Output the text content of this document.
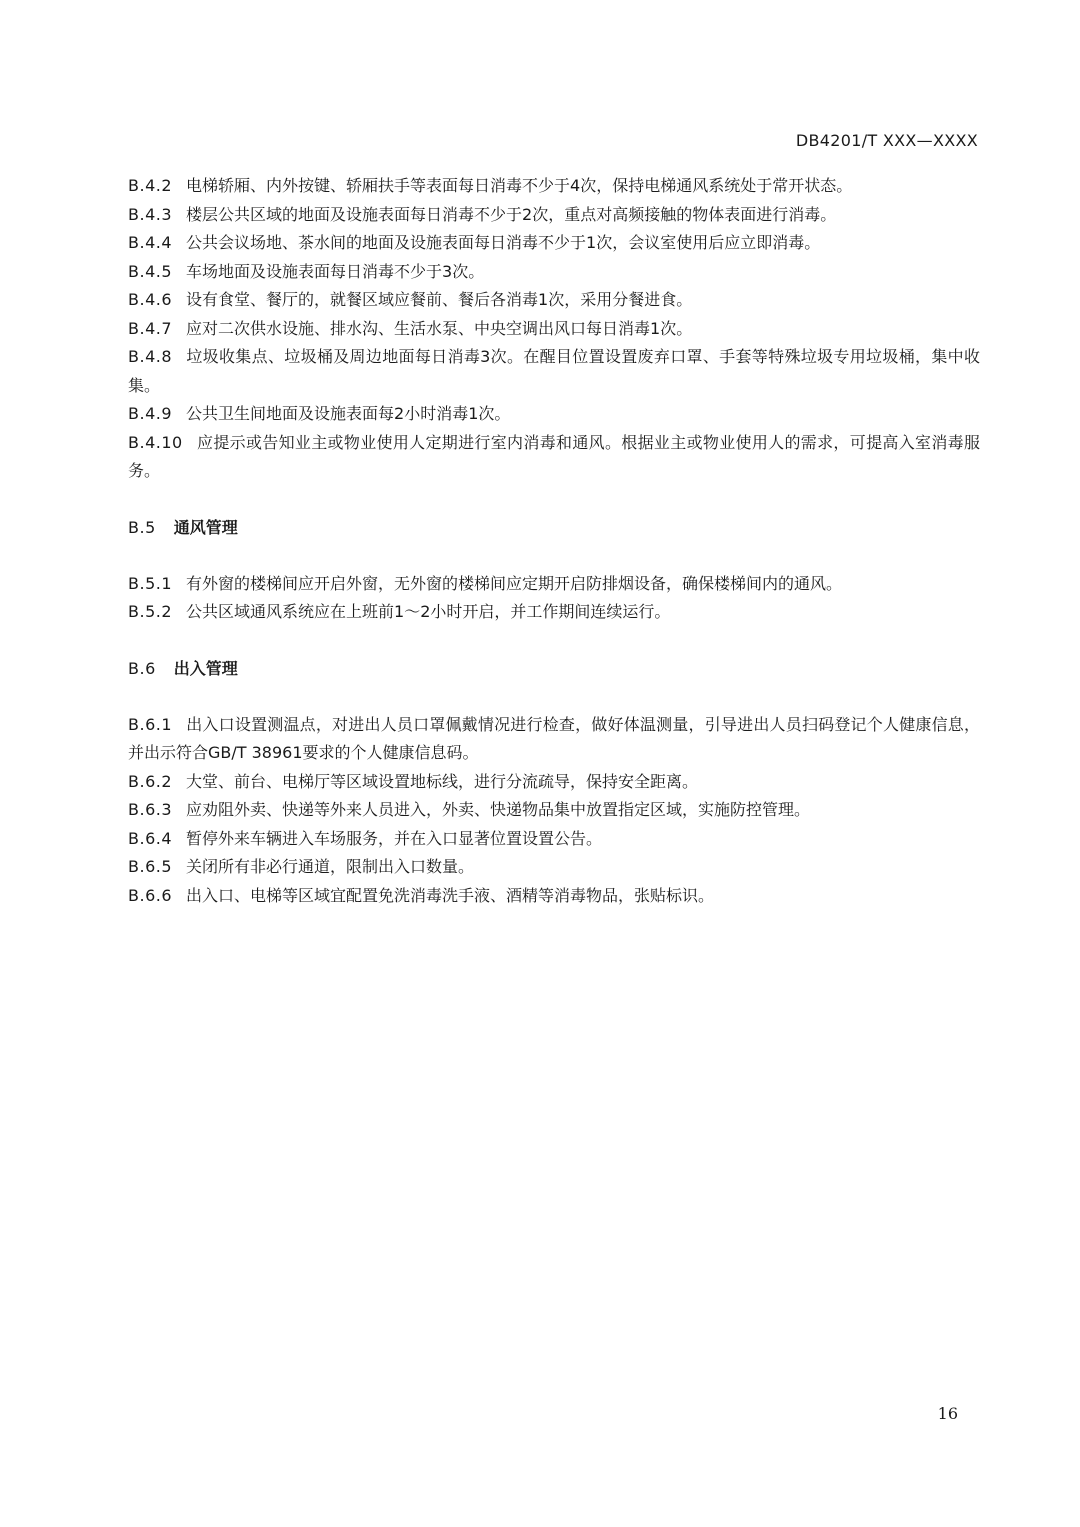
DB4201/T XXX—XXXX
B.4.2 电梯轿厢、内外按键、轿厢扶手等表面每日消毒不少于4次，保持电梯通风系统处于常开状态。
B.4.3 楼层公共区域的地面及设施表面每日消毒不少于2次，重点对高频接触的物体表面进行消毒。
B.4.4 公共会议场地、茶水间的地面及设施表面每日消毒不少于1次，会议室使用后应立即消毒。
B.4.5 车场地面及设施表面每日消毒不少于3次。
B.4.6 设有食堂、餐厅的，就餐区域应餐前、餐后各消毒1次，采用分餐进食。
B.4.7 应对二次供水设施、排水沟、生活水泵、中央空调出风口每日消毒1次。
B.4.8 垃圾收集点、垃圾桶及周边地面每日消毒3次。在醒目位置设置废弃口罩、手套等特殊垃圾专用垃圾桶，集中收集。
B.4.9 公共卫生间地面及设施表面每2小时消毒1次。
B.4.10 应提示或告知业主或物业使用人定期进行室内消毒和通风。根据业主或物业使用人的需求，可提高入室消毒服务。
B.5	通风管理
B.5.1 有外窗的楼梯间应开启外窗，无外窗的楼梯间应定期开启防排烟设备，确保楼梯间内的通风。
B.5.2 公共区域通风系统应在上班前1～2小时开启，并工作期间连续运行。
B.6	出入管理
B.6.1 出入口设置测温点，对进出人员口罩佩戴情况进行检查，做好体温测量，引导进出人员扫码登记个人健康信息，并出示符合GB/T 38961要求的个人健康信息码。
B.6.2 大堂、前台、电梯厅等区域设置地标线，进行分流疏导，保持安全距离。
B.6.3 应劝阻外卖、快递等外来人员进入，外卖、快递物品集中放置指定区域，实施防控管理。
B.6.4 暂停外来车辆进入车场服务，并在入口显著位置设置公告。
B.6.5 关闭所有非必行通道，限制出入口数量。
B.6.6 出入口、电梯等区域宜配置免洗消毒洗手液、酒精等消毒物品，张贴标识。
16
